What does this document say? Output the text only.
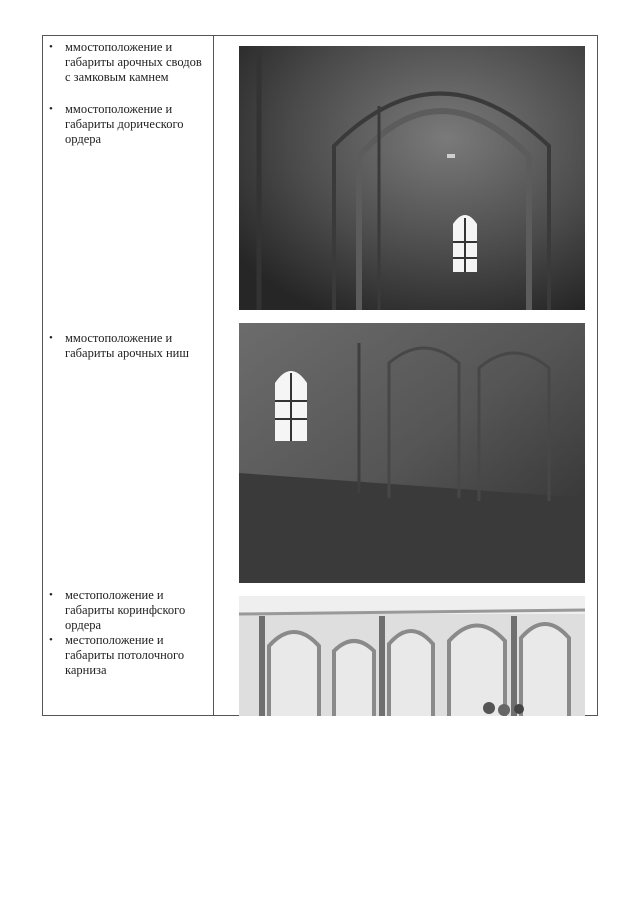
• ммостоположение и габариты арочных сводов с замковым камнем
• ммостоположение и габариты дорического ордера
• ммостоположение и габариты арочных ниш
• местоположение и габариты коринфского ордера
• местоположение и габариты потолочного карниза
